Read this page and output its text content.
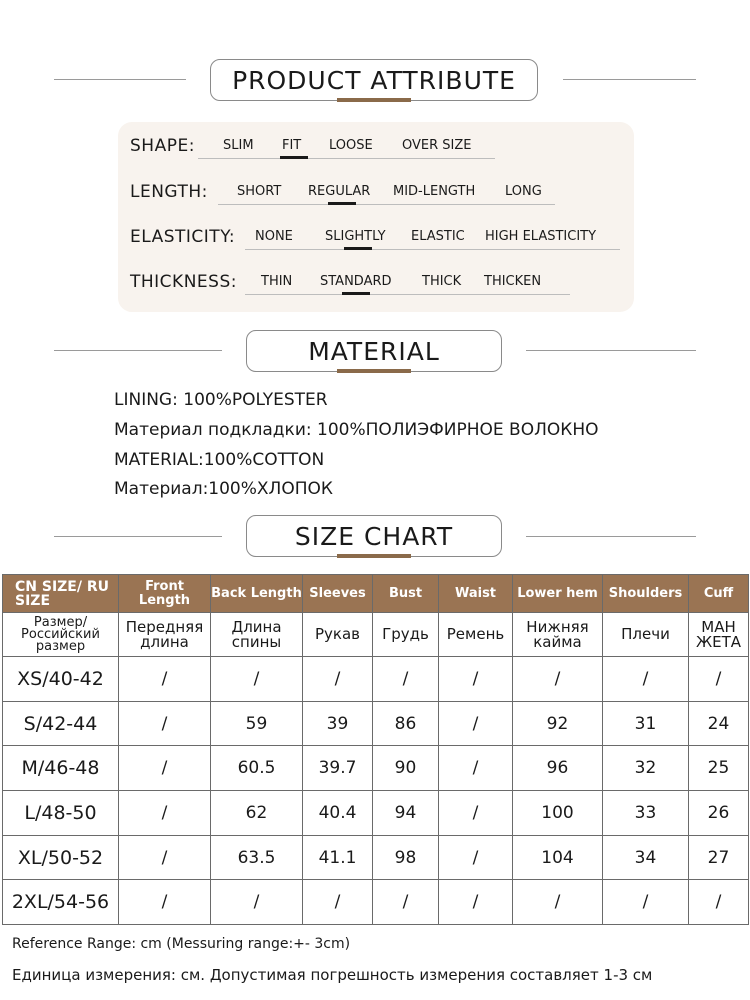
PRODUCT ATTRIBUTE
SHAPE: SLIM FIT LOOSE OVER SIZE
LENGTH: SHORT REGULAR MID-LENGTH LONG
ELASTICITY: NONE SLIGHTLY ELASTIC HIGH ELASTICITY
THICKNESS: THIN STANDARD THICK THICKEN
MATERIAL
LINING: 100%POLYESTER
Материал подкладки: 100%ПОЛИЭФИРНОЕ ВОЛОКНО
MATERIAL:100%COTTON
Материал:100%ХЛОПОК
SIZE CHART
CN SIZE/ RU SIZE	Front Length	Back Length	Sleeves	Bust	Waist	Lower hem	Shoulders	Cuff
Размер/ Российский размер	Передняя длина	Длина спины	Рукав	Грудь	Ремень	Нижняя кайма	Плечи	МАН ЖЕТА
XS/40-42	/	/	/	/	/	/	/	/
S/42-44	/	59	39	86	/	92	31	24
M/46-48	/	60.5	39.7	90	/	96	32	25
L/48-50	/	62	40.4	94	/	100	33	26
XL/50-52	/	63.5	41.1	98	/	104	34	27
2XL/54-56	/	/	/	/	/	/	/	/
Reference Range: cm (Messuring range:+- 3cm)
Единица измерения: см. Допустимая погрешность измерения составляет 1-3 см
